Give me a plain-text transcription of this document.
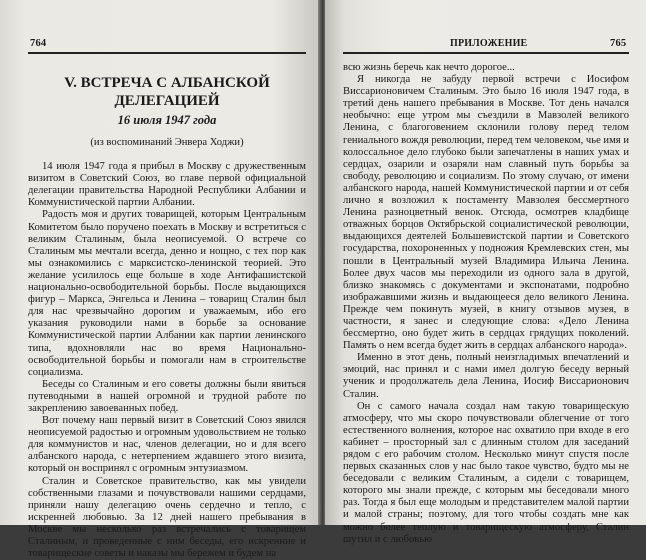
764
V. ВСТРЕЧА С АЛБАНСКОЙ ДЕЛЕГАЦИЕЙ
16 июля 1947 года
(из воспоминаний Энвера Ходжи)

14 июля 1947 года я прибыл в Москву с дружественным визитом в Советский Союз, во главе первой официальной делегации правительства Народной Республики Албании и Коммунистической партии Албании.

Радость моя и других товарищей, которым Центральным Комитетом было поручено поехать в Москву и встретиться с великим Сталиным, была неописуемой. О встрече со Сталиным мы мечтали всегда, денно и нощно, с тех пор как мы ознакомились с марксистско-ленинской теорией. Это желание усилилось еще больше в ходе Антифашистской национально-освободительной борьбы. После выдающихся фигур – Маркса, Энгельса и Ленина – товарищ Сталин был для нас чрезвычайно дорогим и уважаемым, ибо его указания руководили нами в борьбе за основание Коммунистической партии Албании как партии ленинского типа, вдохновляли нас во время Национально-освободительной борьбы и помогали нам в строительстве социализма.

Беседы со Сталиным и его советы должны были явиться путеводными в нашей огромной и трудной работе по закреплению завоеванных побед.

Вот почему наш первый визит в Советский Союз явился неописуемой радостью и огромным удовольствием не только для коммунистов и нас, членов делегации, но и для всего албанского народа, с нетерпением ждавшего этого визита, который он воспринял с огромным энтузиазмом.

Сталин и Советское правительство, как мы увидели собственными глазами и почувствовали нашими сердцами, приняли нашу делегацию очень сердечно и тепло, с искренней любовью. За 12 дней нашего пребывания в Москве мы несколько раз встречались с товарищем Сталиным, и проведенные с ним беседы, его искренние и товарищеские советы и наказы мы бережем и будем на

ПРИЛОЖЕНИЕ	765

всю жизнь беречь как нечто дорогое...

Я никогда не забуду первой встречи с Иосифом Виссарионовичем Сталиным. Это было 16 июля 1947 года, в третий день нашего пребывания в Москве. Тот день начался необычно: еще утром мы съездили в Мавзолей великого Ленина, с благоговением склонили голову перед телом гениального вождя революции, перед тем человеком, чье имя и колоссальное дело глубоко были запечатлены в наших умах и сердцах, озарили и озаряли нам славный путь борьбы за свободу, революцию и социализм. По этому случаю, от имени албанского народа, нашей Коммунистической партии и от себя лично я возложил к постаменту Мавзолея бессмертного Ленина разноцветный венок. Отсюда, осмотрев кладбище отважных борцов Октябрьской социалистической революции, выдающихся деятелей Большевистской партии и Советского государства, похороненных у подножия Кремлевских стен, мы пошли в Центральный музей Владимира Ильича Ленина. Более двух часов мы переходили из одного зала в другой, близко знакомясь с документами и экспонатами, подробно изображавшими жизнь и выдающееся дело великого Ленина. Прежде чем покинуть музей, в книгу отзывов музея, в частности, я занес и следующие слова: «Дело Ленина бессмертно, оно будет жить в сердцах грядущих поколений. Память о нем всегда будет жить в сердцах албанского народа».

Именно в этот день, полный неизгладимых впечатлений и эмоций, нас принял и с нами имел долгую беседу верный ученик и продолжатель дела Ленина, Иосиф Виссарионович Сталин.

Он с самого начала создал нам такую товарищескую атмосферу, что мы скоро почувствовали облегчение от того естественного волнения, которое нас охватило при входе в его кабинет – просторный зал с длинным столом для заседаний рядом с его рабочим столом. Несколько минут спустя после первых сказанных слов у нас было такое чувство, будто мы не беседовали с великим Сталиным, а сидели с товарищем, которого мы знали прежде, с которым мы беседовали много раз. Тогда я был еще молодым и представителем малой партии и малой страны; поэтому, для того чтобы создать мне как можно более теплую и товарищескую атмосферу, Сталин шутил и с любовью
